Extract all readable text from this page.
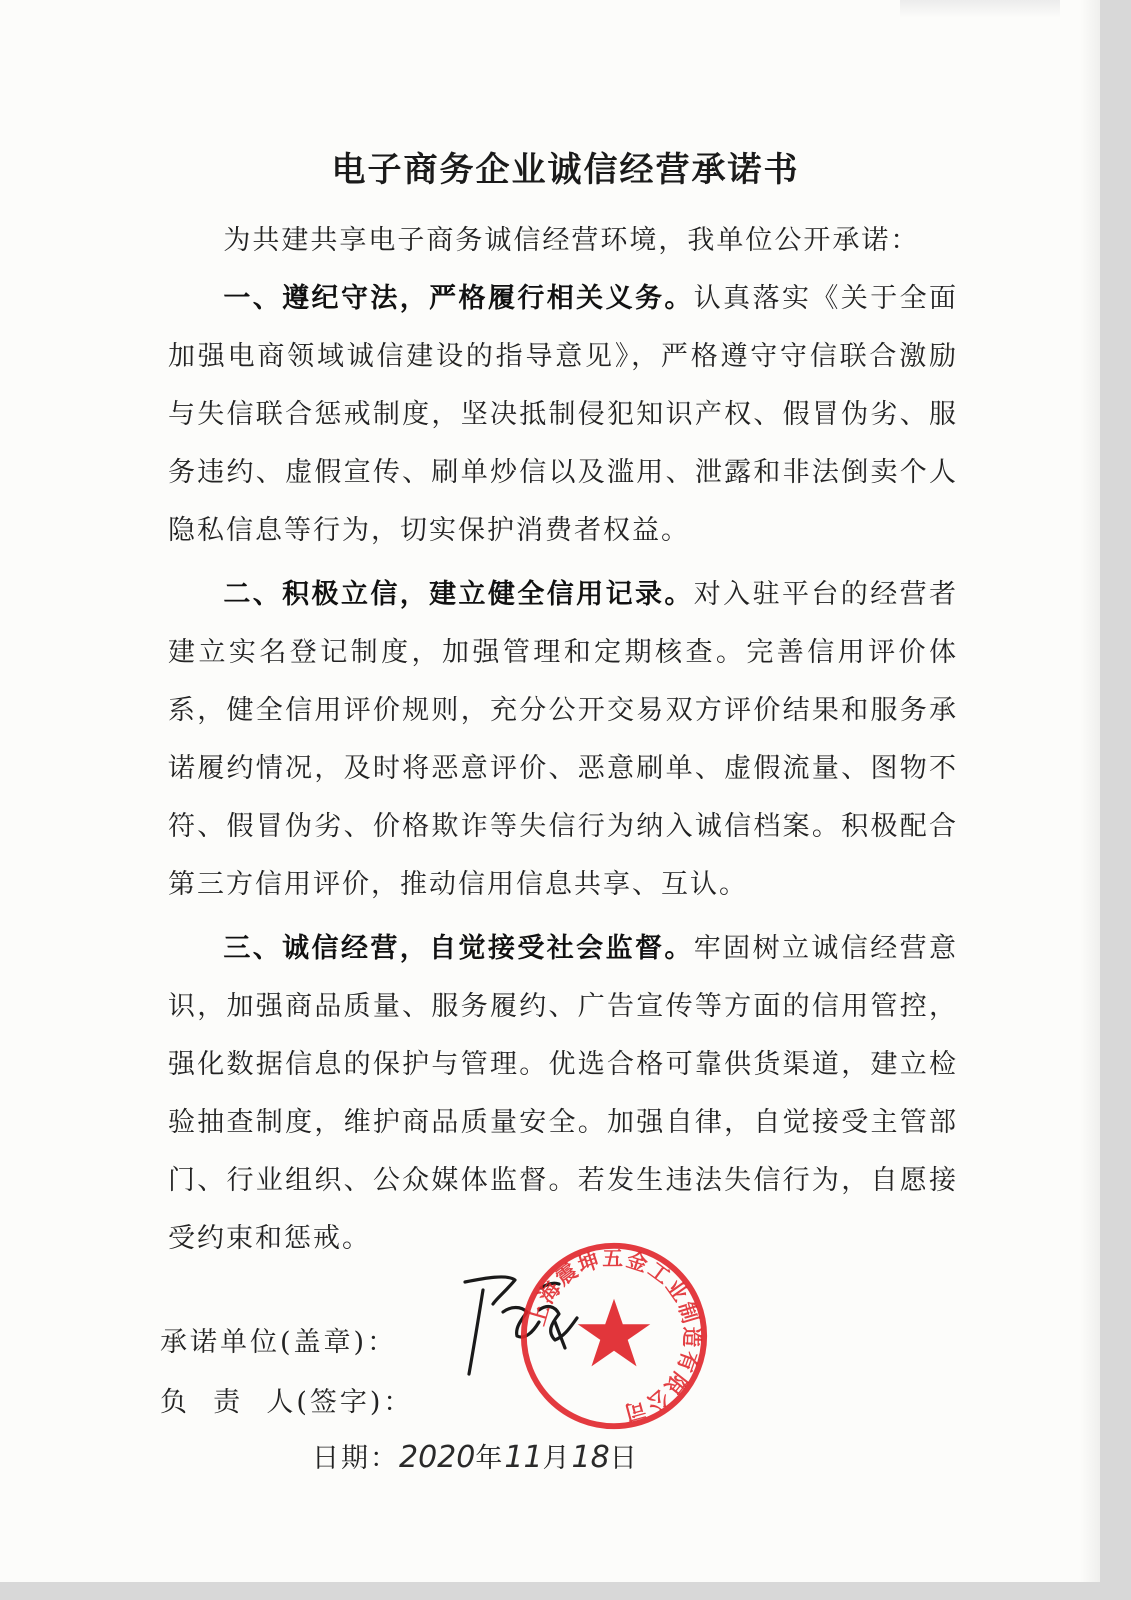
电子商务企业诚信经营承诺书

为共建共享电子商务诚信经营环境，我单位公开承诺：

一、遵纪守法，严格履行相关义务。认真落实《关于全面加强电商领域诚信建设的指导意见》，严格遵守守信联合激励与失信联合惩戒制度，坚决抵制侵犯知识产权、假冒伪劣、服务违约、虚假宣传、刷单炒信以及滥用、泄露和非法倒卖个人隐私信息等行为，切实保护消费者权益。

二、积极立信，建立健全信用记录。对入驻平台的经营者建立实名登记制度，加强管理和定期核查。完善信用评价体系，健全信用评价规则，充分公开交易双方评价结果和服务承诺履约情况，及时将恶意评价、恶意刷单、虚假流量、图物不符、假冒伪劣、价格欺诈等失信行为纳入诚信档案。积极配合第三方信用评价，推动信用信息共享、互认。

三、诚信经营，自觉接受社会监督。牢固树立诚信经营意识，加强商品质量、服务履约、广告宣传等方面的信用管控，强化数据信息的保护与管理。优选合格可靠供货渠道，建立检验抽查制度，维护商品质量安全。加强自律，自觉接受主管部门、行业组织、公众媒体监督。若发生违法失信行为，自愿接受约束和惩戒。

承诺单位(盖章)：
负  责  人(签字)：
日期：2020年11月18日
上海震坤五金工业制造有限公司
